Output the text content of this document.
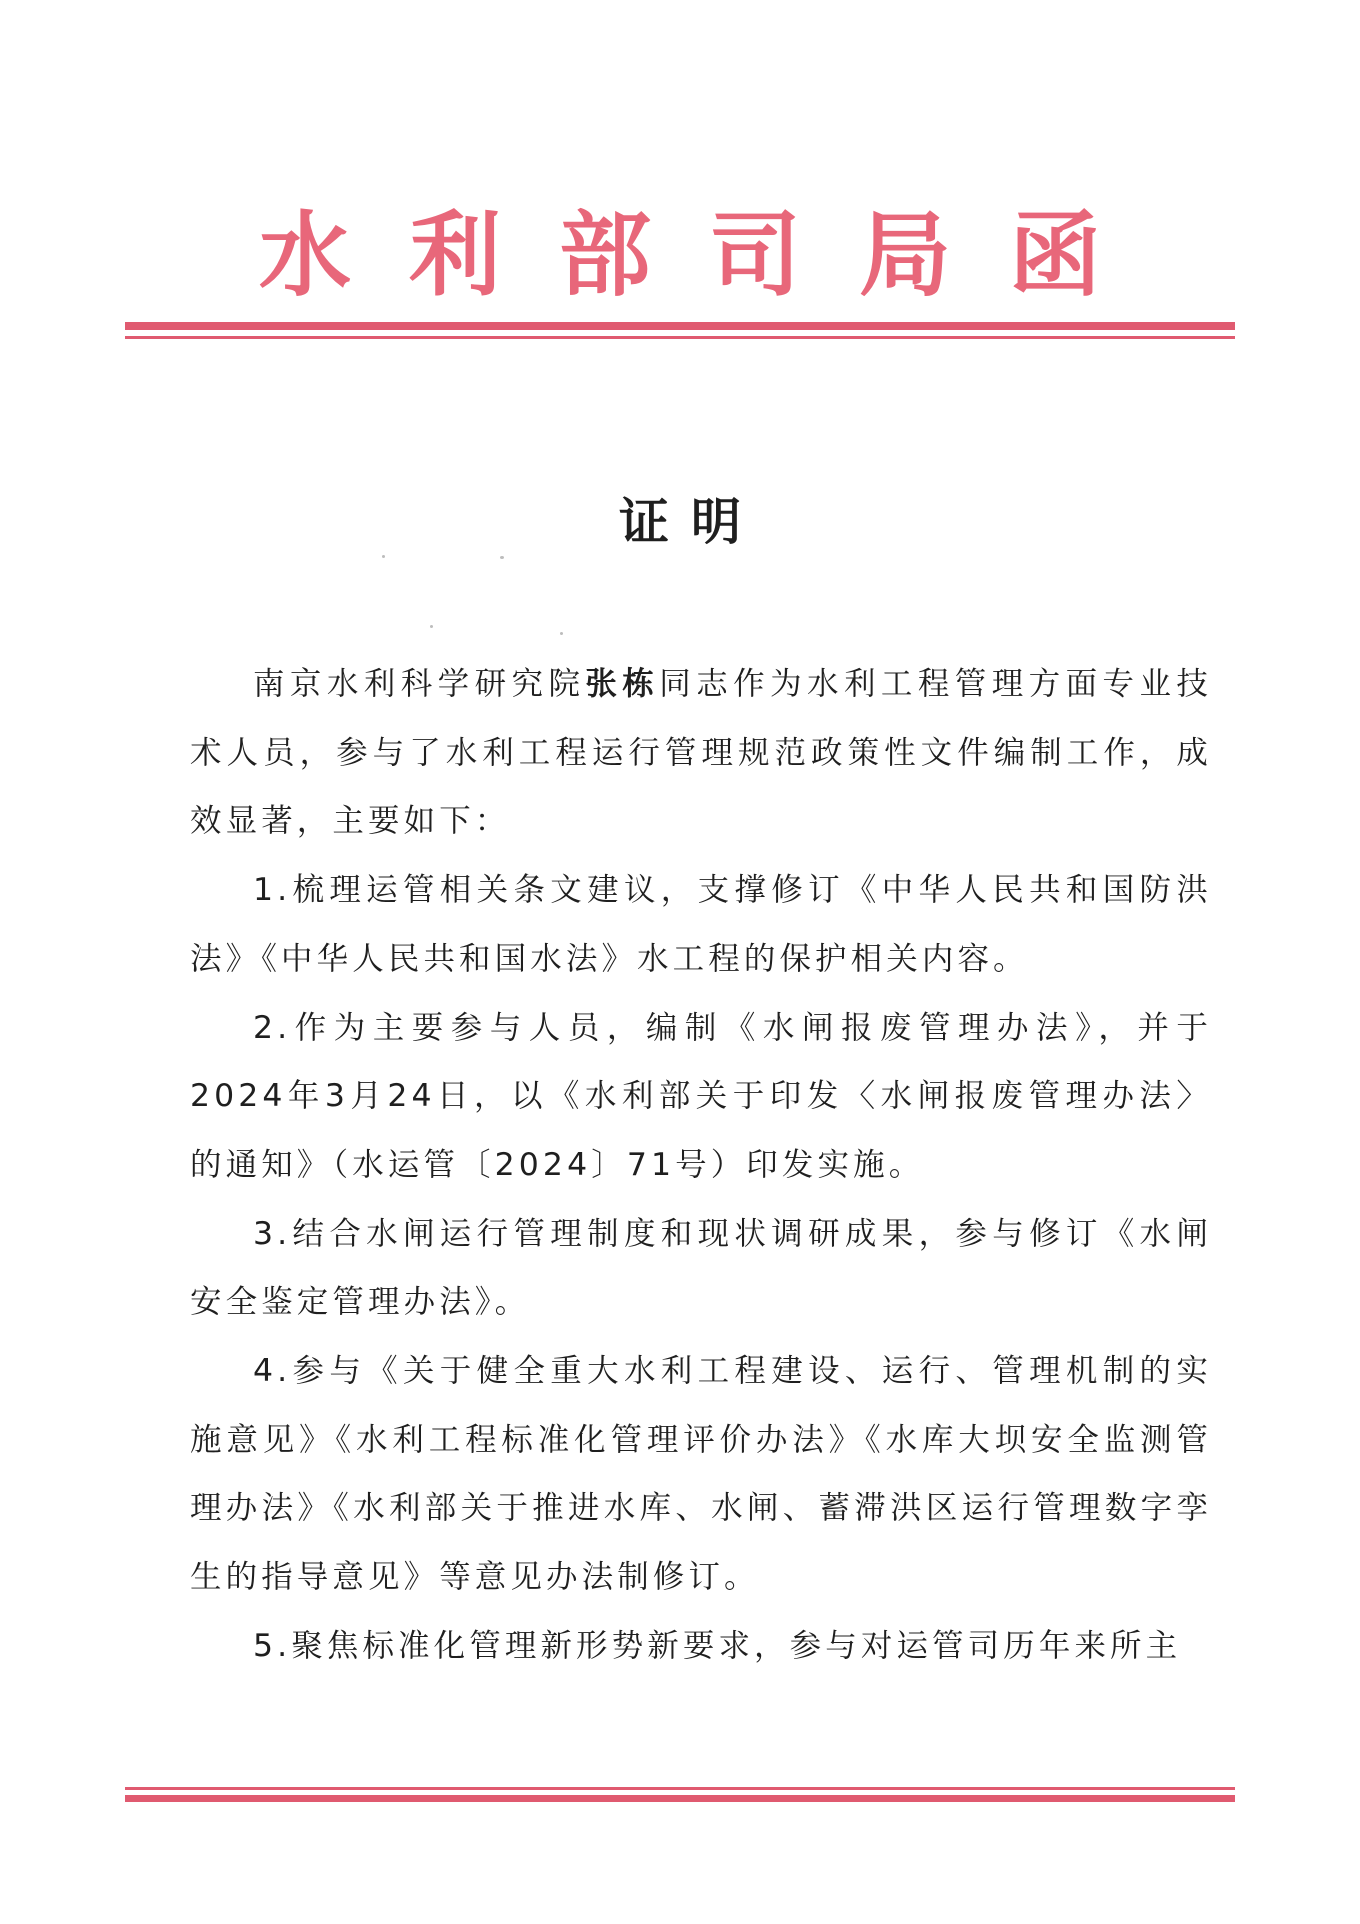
水利部司局函
证明

南京水利科学研究院张栋同志作为水利工程管理方面专业技术人员，参与了水利工程运行管理规范政策性文件编制工作，成效显著，主要如下：

1.梳理运管相关条文建议，支撑修订《中华人民共和国防洪法》《中华人民共和国水法》水工程的保护相关内容。

2.作为主要参与人员，编制《水闸报废管理办法》，并于2024年3月24日，以《水利部关于印发〈水闸报废管理办法〉的通知》（水运管〔2024〕71号）印发实施。

3.结合水闸运行管理制度和现状调研成果，参与修订《水闸安全鉴定管理办法》。

4.参与《关于健全重大水利工程建设、运行、管理机制的实施意见》《水利工程标准化管理评价办法》《水库大坝安全监测管理办法》《水利部关于推进水库、水闸、蓄滞洪区运行管理数字孪生的指导意见》等意见办法制修订。

5.聚焦标准化管理新形势新要求，参与对运管司历年来所主
